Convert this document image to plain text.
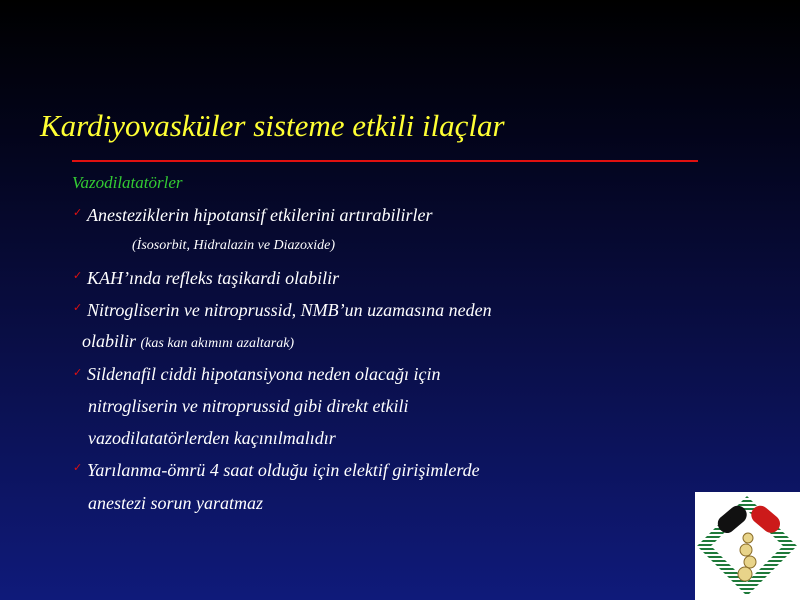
Kardiyovasküler sisteme etkili ilaçlar
Vazodilatatörler
✓ Anesteziklerin hipotansif etkilerini artırabilirler
(İsosorbit, Hidralazin ve Diazoxide)
✓ KAH’ında refleks taşikardi olabilir
✓ Nitrogliserin ve nitroprussid, NMB’un uzamasına neden
olabilir (kas kan akımını azaltarak)
✓ Sildenafil ciddi hipotansiyona neden olacağı için
nitrogliserin ve nitroprussid gibi direkt etkili
vazodilatatörlerden kaçınılmalıdır
✓ Yarılanma-ömrü 4 saat olduğu için elektif girişimlerde
anestezi sorun yaratmaz
